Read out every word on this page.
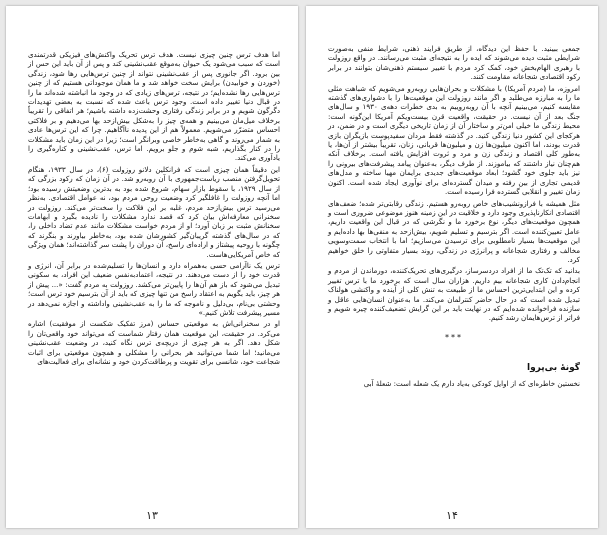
اما هدف ترس چنین چیزی نیست. هدف ترس تحریک واکنش‌های فیزیکی قدرتمندی است که سبب می‌شود یک حیوان به‌موقع عقب‌نشینی کند و پس از آن باید این حس از بین برود. اگر جانوری پس از عقب‌نشینی نتواند از چنین ترس‌هایی رها شود، زندگی (خوردن و خوابیدن) برایش سخت خواهد شد و ما همان موجوداتی هستیم که از چنین ترس‌هایی رها نشده‌ایم؛ در نتیجه، ترس‌های زیادی که در وجود ما انباشته شده‌اند ما را در قبال دنیا تغییر داده است. وجود ترس باعث شده که نسبت به بعضی تهدیدات دگرگون شویم و در برابر زندگی رفتاری وحشت‌زده داشته باشیم؛ هر اتفاقی را تقریباً برخلاف میل‌مان می‌بینیم و همه‌ی چیز را به‌شکل بیش‌ازحد بها می‌دهیم و بر فلاکتی احساس متضرّر می‌شویم. معمولاً هم از این پدیده ناآگاهیم. چرا که این ترس‌ها عادی به شمار می‌روند و گاهی به‌خاطر خاصی وبرانگر است؛ زیرا در این زمان باید مشکلات را در کنار بگذاریم، شبه شوم و جلو برویم. اما ترس، عقب‌نشینی و کناره‌گیری را یادآوری می‌کند.

این دقیقاً همان چیزی است که فرانکلین دلانو روزولت (۶)، در سال ۱۹۳۳، هنگام تحویل‌گرفتن منصب ریاست‌جمهوری با آن روبه‌رو شد. در آن زمان که رکود بزرگی که از سال ۱۹۲۹، با سقوط بازار سهام، شروع شده بود به بدترین وضعیتش رسیده بود؛ اما آنچه روزولت را غافلگیر کرد وضعیت روحی مردم بود، نه عوامل اقتصادی. به‌نظر می‌رسید ترس بیش‌ازحد مردم، غلبه بر این فلاکت را سخت‌تر می‌کند. روزولت در سخنرانی معارفه‌اش بیان کرد که قصد ندارد مشکلات را نادیده بگیرد و ابهامات سخنانش مثبت بر زبان آورد؛ او از مردم خواست مشکلات مانند عدم تضاد داخلی را، که در سال‌های گذشته گریبان‌گیر کشورشان شده بود، به‌خاطر بیاورند و بنگرند که چگونه با روحیه پیشتاز و اراده‌ای راسخ، آن دوران را پشت سر گذاشته‌اند؛ همان ویژگی که خاص آمریکایی‌هاست.

ترس یک ناآرامی حسی به‌همراه دارد و انسان‌ها را تسلیم‌شده در برابر آن، انرژی و قدرت خود را از دست می‌دهند. در نتیجه، اعتمادبه‌نفس ضعیف این افراد، به سکونی تبدیل می‌شود که باز هم آن‌ها را پایین‌تر می‌کشد. روزولت به مردم گفت: «... پیش از هر چیز، باید بگویم به اعتقاد راسخ من تنها چیزی که باید از آن بترسیم خود ترس است؛ وحشتی بی‌نام، بی‌دلیل و ناموجه که ما را به عقب‌نشینی واداشته و اجازه نمی‌دهد در مسیر پیشرفت تلاش کنیم.»

او در سخنرانی‌اش به موقعیتی حساس (مرز تفکیک شکست از موفقیت) اشاره می‌کرد. در حقیقت، این موقعیت همان رفتار شماست که می‌تواند خود واقعی‌تان را شکل دهد. اگر به هر چیزی از دریچه‌ی ترس نگاه کنید، در وضعیت عقب‌نشینی می‌مانید؛ اما شما می‌توانید هر بحرانی را مشکلی و همچون موقعیتی برای اثبات شجاعت خود، شانسی برای تقویت و پرطاقت‌کردن خود و نشانه‌ای برای فعالیت‌های

۱۳

جمعی ببینید. با حفظ این دیدگاه، از طریق فرایند ذهنی، شرایط منفی به‌صورت شرایطی مثبت دیده می‌شوند که ایده را به نتیجه‌ای مثبت می‌رسانند. در واقع روزولت با رهبری الهام‌بخش خود، کمک کرد مردم با تغییر سیستم ذهنی‌شان بتوانند در برابر رکود اقتصادی شجاعانه مقاومت کنند.

امروزه، ما (مردم آمریکا) با مشکلات و بحران‌هایی روبه‌رو می‌شویم که شباهت مثلی ما را به مبارزه می‌طلبد و اگر مانند روزولت این موقعیت‌ها را با دشواری‌های گذشته مقایسه کنیم، می‌بینیم آنچه با آن روبه‌روییم به بدی خطرات دهه‌ی ۱۹۳۰ و سال‌های جنگ بعد از آن نیست. در حقیقت، واقعیت قرن بیست‌ویکم آمریکا این‌گونه است: محیط زندگی ما خیلی امن‌تر و ساختار آن از زمان تاریخی دیگری است و در ضمن، در هرکجای این کشور دنیا زندگی کنید. در گذشته فقط مردان سفیدپوست بازیگران بازی قدرت بودند، اما اکنون میلیون‌ها زن و میلیون‌ها قربانی، زنان، تقریباً بیشتر از آن‌ها، یا به‌طور کلی اقتصاد و زندگی زن و مرد و ثروت افزایش یافته است. برخلاف آنکه هم‌چنان نیاز داشتند که بیاموزند. از طرف دیگر، به‌عنوان پیامد پیشرفت‌های بیرونی را نیز باید جلوی خود گشود؛ ابعاد موقعیت‌های جدیدی برایمان مهیا ساخته و مدل‌های قدیمی تجاری از بین رفته و میدان گسترده‌ای برای نوآوری ایجاد شده است. اکنون زمان تغییر و انقلابی گسترده فرا رسیده است.

مثل همیشه با فرازونشیب‌های خاص روبه‌رو هستیم. زندگی رقابتی‌تر شده؛ ضعف‌های اقتصادی انکارناپذیری وجود دارد و خلاقیت در این زمینه هنوز موضوعی ضروری است و همچون موقعیت‌های دیگر، نوع برخورد ما و نگرشی که در قبال این واقعیت داریم، عامل تعیین‌کننده است. اگر بترسیم و تسلیم شویم، بیش‌ازحد به منفی‌ها بها داده‌ایم و این موقعیت‌ها بسیار نامطلوبی برای ترسیدن می‌سازیم؛ اما با انتخاب سمت‌وسویی مخالف و رفتاری شجاعانه و پرانرژی در زندگی، روند بسیار متفاوتی را خلق خواهیم کرد.

بدانید که تک‌تک ما از افراد دردسرساز، درگیری‌های تحریک‌کننده، دورماندن از مردم و انجام‌دادن کاری شجاعانه بیم داریم. هزاران سال است که برخورد ما با ترس تغییر کرده و این ابتدایی‌ترین احساس ما از طبیعت به تنش کلی از آینده و واکنشی هولناک تبدیل شده است که در حال حاضر کنترلمان می‌کند. ما به‌عنوان انسان‌هایی عاقل و سازنده فراخوانده شده‌ایم که در نهایت باید بر این گرایش تضعیف‌کننده چیره شویم و فراتر از ترس‌هایمان رشد کنیم.

***
گونهٔ بی‌پروا

نخستین خاطره‌ای که از اوایل کودکی به‌یاد دارم یک شعله است: شعلهٔ آبی

۱۴
